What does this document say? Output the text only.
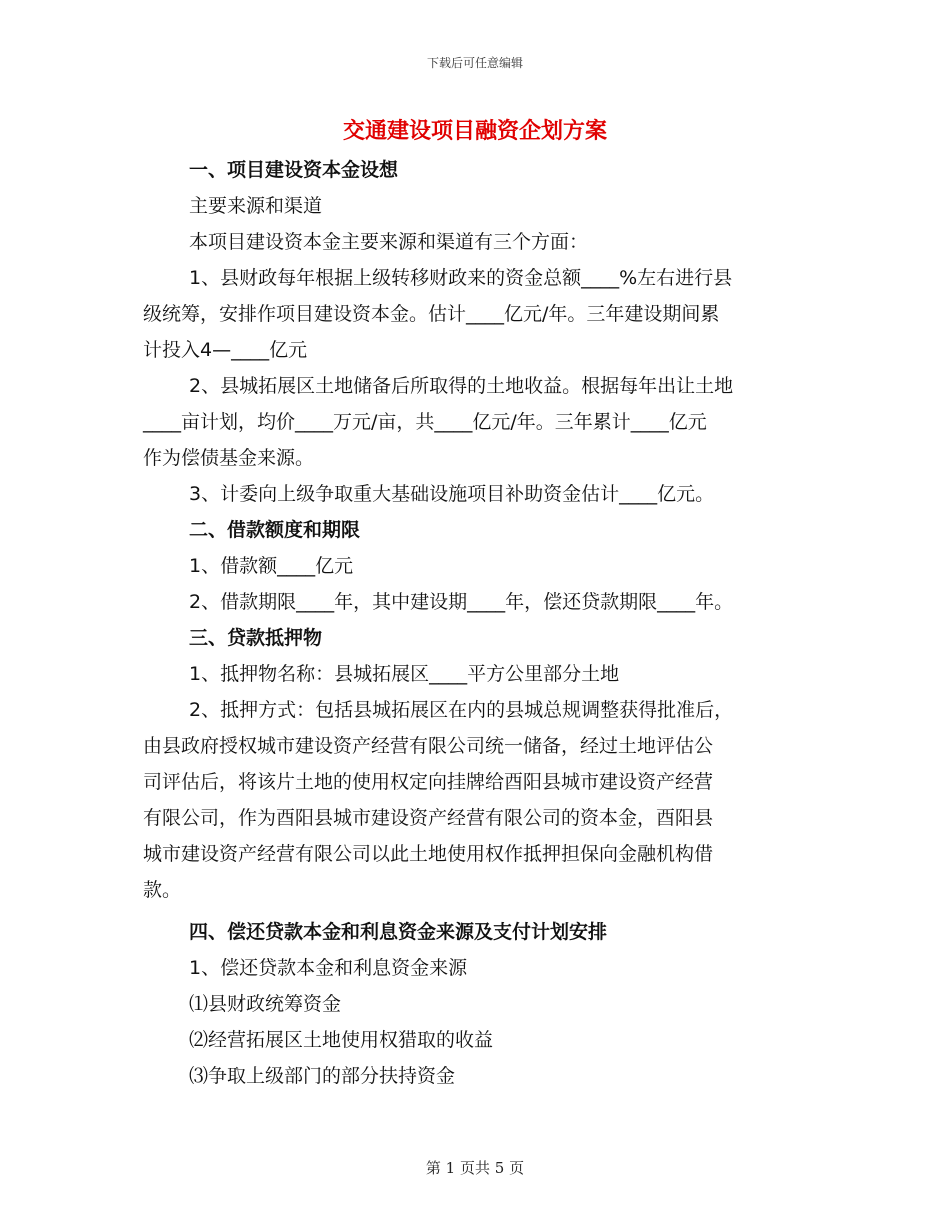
下载后可任意编辑
交通建设项目融资企划方案
一、项目建设资本金设想
主要来源和渠道
本项目建设资本金主要来源和渠道有三个方面：
1、县财政每年根据上级转移财政来的资金总额____%左右进行县
级统筹，安排作项目建设资本金。估计____亿元/年。三年建设期间累
计投入4—____亿元
2、县城拓展区土地储备后所取得的土地收益。根据每年出让土地
____亩计划，均价____万元/亩，共____亿元/年。三年累计____亿元
作为偿债基金来源。
3、计委向上级争取重大基础设施项目补助资金估计____亿元。
二、借款额度和期限
1、借款额____亿元
2、借款期限____年，其中建设期____年，偿还贷款期限____年。
三、贷款抵押物
1、抵押物名称：县城拓展区____平方公里部分土地
2、抵押方式：包括县城拓展区在内的县城总规调整获得批准后，
由县政府授权城市建设资产经营有限公司统一储备，经过土地评估公
司评估后，将该片土地的使用权定向挂牌给酉阳县城市建设资产经营
有限公司，作为酉阳县城市建设资产经营有限公司的资本金，酉阳县
城市建设资产经营有限公司以此土地使用权作抵押担保向金融机构借
款。
四、偿还贷款本金和利息资金来源及支付计划安排
1、偿还贷款本金和利息资金来源
⑴县财政统筹资金
⑵经营拓展区土地使用权猎取的收益
⑶争取上级部门的部分扶持资金
第 1 页共 5 页
